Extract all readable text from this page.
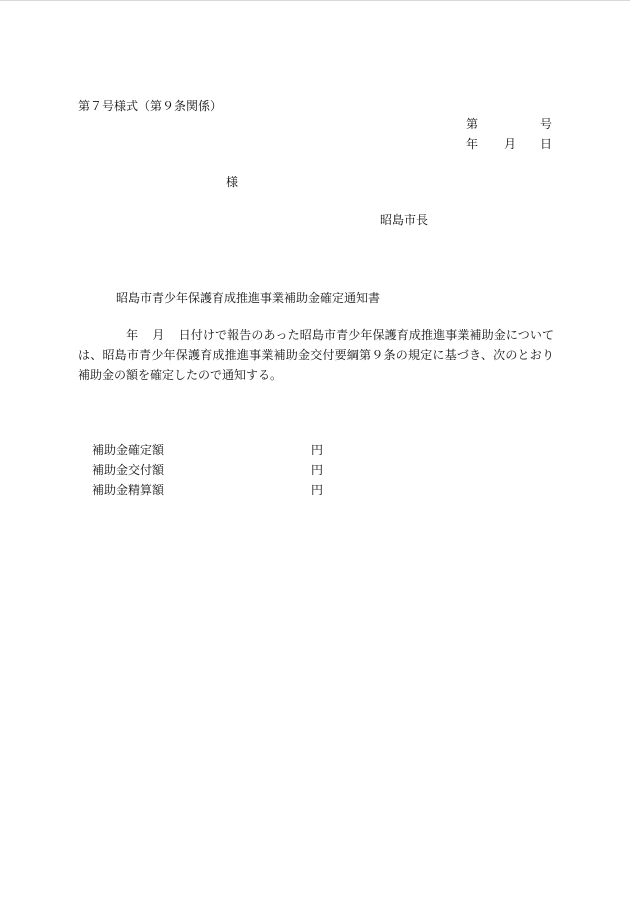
第７号様式（第９条関係）
第	号
年 月 日
様
昭島市長
昭島市青少年保護育成推進事業補助金確定通知書
年 月 日付けで報告のあった昭島市青少年保護育成推進事業補助金については、昭島市青少年保護育成推進事業補助金交付要綱第９条の規定に基づき、次のとおり補助金の額を確定したので通知する。
補助金確定額	円
補助金交付額	円
補助金精算額	円
